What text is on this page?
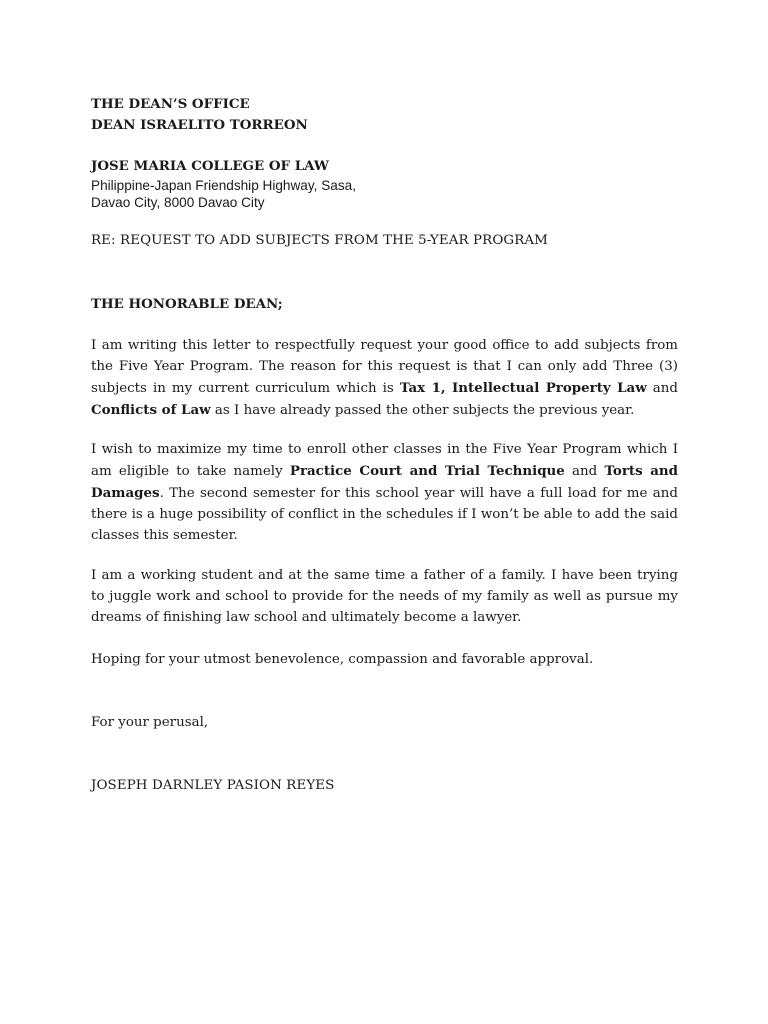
THE DEAN’S OFFICE
DEAN ISRAELITO TORREON
JOSE MARIA COLLEGE OF LAW
Philippine-Japan Friendship Highway, Sasa,
Davao City, 8000 Davao City
RE: REQUEST TO ADD SUBJECTS FROM THE 5-YEAR PROGRAM
THE HONORABLE DEAN;

I am writing this letter to respectfully request your good office to add subjects from the Five Year Program. The reason for this request is that I can only add Three (3) subjects in my current curriculum which is Tax 1, Intellectual Property Law and Conflicts of Law as I have already passed the other subjects the previous year.

I wish to maximize my time to enroll other classes in the Five Year Program which I am eligible to take namely Practice Court and Trial Technique and Torts and Damages. The second semester for this school year will have a full load for me and there is a huge possibility of conflict in the schedules if I won’t be able to add the said classes this semester.

I am a working student and at the same time a father of a family. I have been trying to juggle work and school to provide for the needs of my family as well as pursue my dreams of finishing law school and ultimately become a lawyer.

Hoping for your utmost benevolence, compassion and favorable approval.

For your perusal,
JOSEPH DARNLEY PASION REYES
